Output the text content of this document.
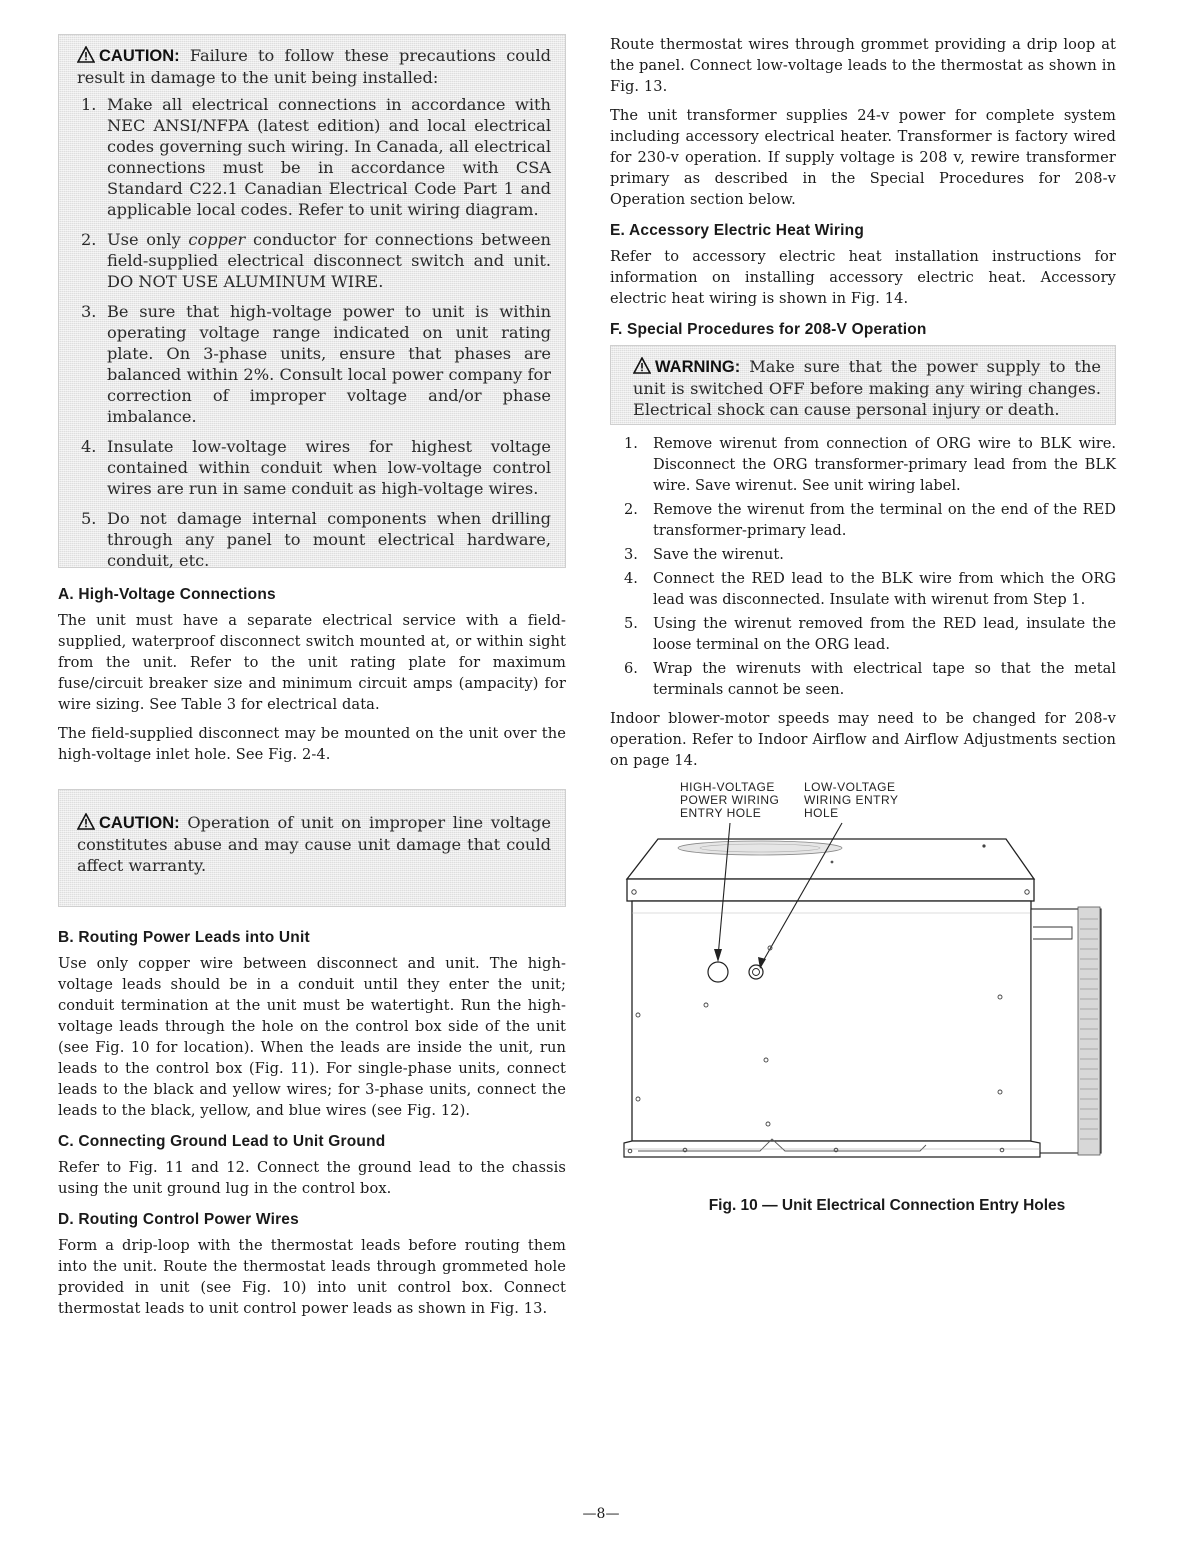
CAUTION: Failure to follow these precautions could result in damage to the unit being installed:
1. Make all electrical connections in accordance with NEC ANSI/NFPA (latest edition) and local electrical codes governing such wiring. In Canada, all electrical connections must be in accordance with CSA Standard C22.1 Canadian Electrical Code Part 1 and applicable local codes. Refer to unit wiring diagram.
2. Use only copper conductor for connections between field-supplied electrical disconnect switch and unit. DO NOT USE ALUMINUM WIRE.
3. Be sure that high-voltage power to unit is within operating voltage range indicated on unit rating plate. On 3-phase units, ensure that phases are balanced within 2%. Consult local power company for correction of improper voltage and/or phase imbalance.
4. Insulate low-voltage wires for highest voltage contained within conduit when low-voltage control wires are run in same conduit as high-voltage wires.
5. Do not damage internal components when drilling through any panel to mount electrical hardware, conduit, etc.
A. High-Voltage Connections

The unit must have a separate electrical service with a field-supplied, waterproof disconnect switch mounted at, or within sight from the unit. Refer to the unit rating plate for maximum fuse/circuit breaker size and minimum circuit amps (ampacity) for wire sizing. See Table 3 for electrical data.

The field-supplied disconnect may be mounted on the unit over the high-voltage inlet hole. See Fig. 2-4.

CAUTION: Operation of unit on improper line voltage constitutes abuse and may cause unit damage that could affect warranty.
B. Routing Power Leads into Unit

Use only copper wire between disconnect and unit. The high-voltage leads should be in a conduit until they enter the unit; conduit termination at the unit must be watertight. Run the high-voltage leads through the hole on the control box side of the unit (see Fig. 10 for location). When the leads are inside the unit, run leads to the control box (Fig. 11). For single-phase units, connect leads to the black and yellow wires; for 3-phase units, connect the leads to the black, yellow, and blue wires (see Fig. 12).

C. Connecting Ground Lead to Unit Ground

Refer to Fig. 11 and 12. Connect the ground lead to the chassis using the unit ground lug in the control box.

D. Routing Control Power Wires

Form a drip-loop with the thermostat leads before routing them into the unit. Route the thermostat leads through grommeted hole provided in unit (see Fig. 10) into unit control box. Connect thermostat leads to unit control power leads as shown in Fig. 13.

Route thermostat wires through grommet providing a drip loop at the panel. Connect low-voltage leads to the thermostat as shown in Fig. 13.

The unit transformer supplies 24-v power for complete system including accessory electrical heater. Transformer is factory wired for 230-v operation. If supply voltage is 208 v, rewire transformer primary as described in the Special Procedures for 208-v Operation section below.

E. Accessory Electric Heat Wiring

Refer to accessory electric heat installation instructions for information on installing accessory electric heat. Accessory electric heat wiring is shown in Fig. 14.

F. Special Procedures for 208-V Operation
WARNING: Make sure that the power supply to the unit is switched OFF before making any wiring changes. Electrical shock can cause personal injury or death.
1. Remove wirenut from connection of ORG wire to BLK wire. Disconnect the ORG transformer-primary lead from the BLK wire. Save wirenut. See unit wiring label.
2. Remove the wirenut from the terminal on the end of the RED transformer-primary lead.
3. Save the wirenut.
4. Connect the RED lead to the BLK wire from which the ORG lead was disconnected. Insulate with wirenut from Step 1.
5. Using the wirenut removed from the RED lead, insulate the loose terminal on the ORG lead.
6. Wrap the wirenuts with electrical tape so that the metal terminals cannot be seen.

Indoor blower-motor speeds may need to be changed for 208-v operation. Refer to Indoor Airflow and Airflow Adjustments section on page 14.

HIGH-VOLTAGE
POWER WIRING
ENTRY HOLE
LOW-VOLTAGE
WIRING ENTRY
HOLE
Fig. 10 — Unit Electrical Connection Entry Holes
—8—
